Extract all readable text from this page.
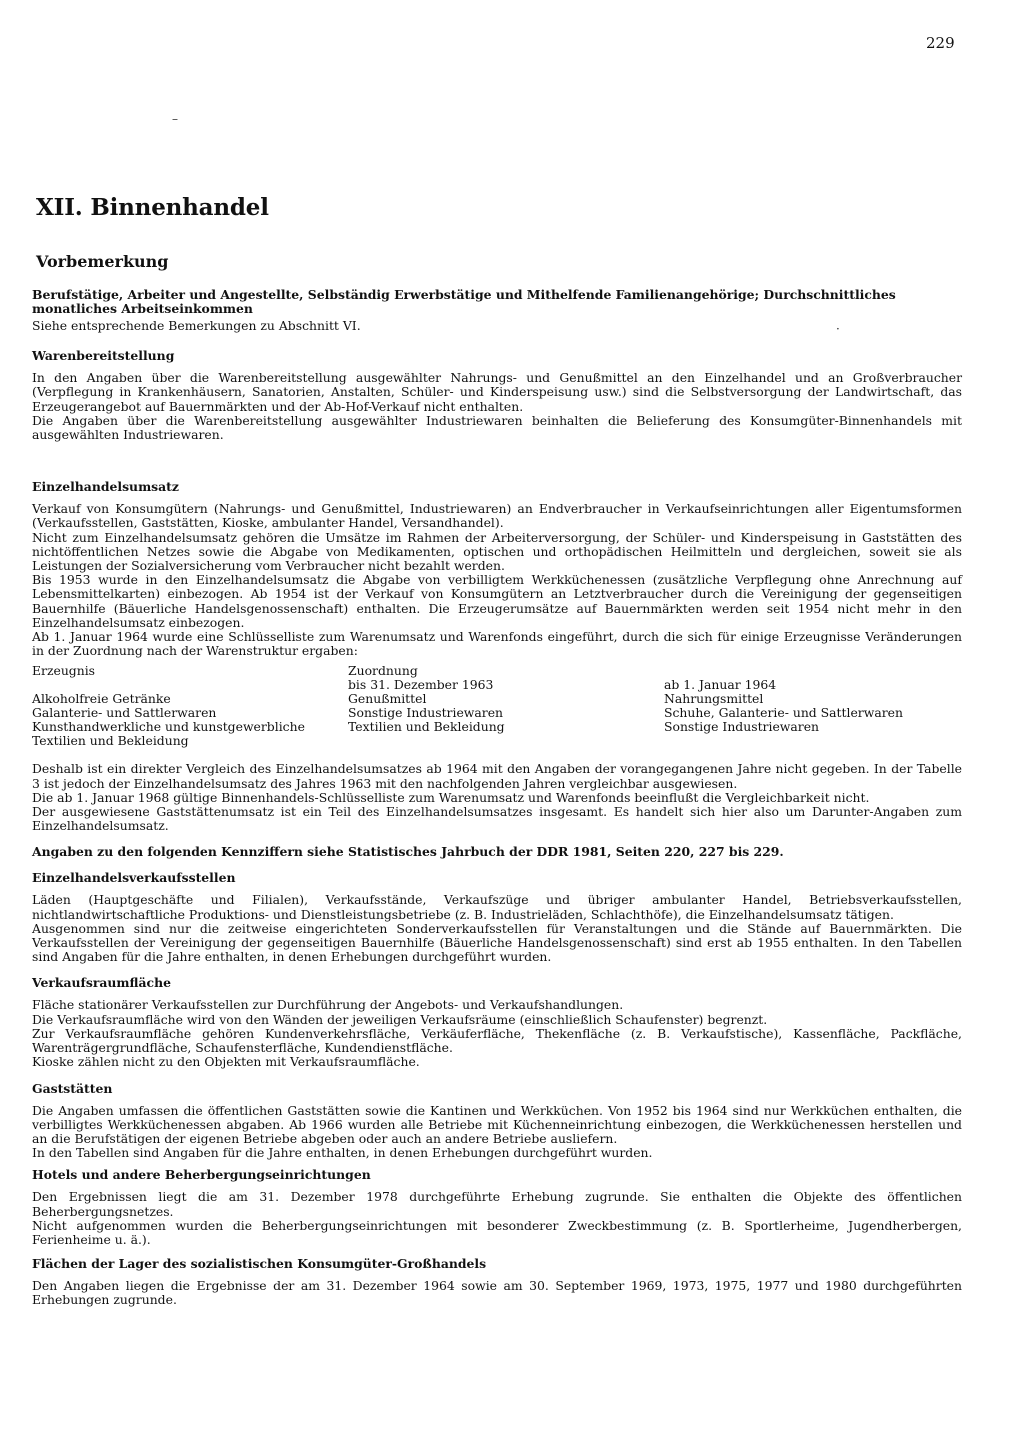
229
–
XII. Binnenhandel
Vorbemerkung
Berufstätige, Arbeiter und Angestellte, Selbständig Erwerbstätige und Mithelfende Familienangehörige; Durchschnittliches monatliches Arbeitseinkommen

Siehe entsprechende Bemerkungen zu Abschnitt VI.

Warenbereitstellung

In den Angaben über die Warenbereitstellung ausgewählter Nahrungs- und Genußmittel an den Einzelhandel und an Großverbraucher (Verpflegung in Krankenhäusern, Sanatorien, Anstalten, Schüler- und Kinderspeisung usw.) sind die Selbstversorgung der Landwirtschaft, das Erzeugerangebot auf Bauernmärkten und der Ab-Hof-Verkauf nicht enthalten.

Die Angaben über die Warenbereitstellung ausgewählter Industriewaren beinhalten die Belieferung des Konsumgüter-Binnenhandels mit ausgewählten Industriewaren.

Einzelhandelsumsatz

Verkauf von Konsumgütern (Nahrungs- und Genußmittel, Industriewaren) an Endverbraucher in Verkaufseinrichtungen aller Eigentumsformen (Verkaufsstellen, Gaststätten, Kioske, ambulanter Handel, Versandhandel).

Nicht zum Einzelhandelsumsatz gehören die Umsätze im Rahmen der Arbeiterversorgung, der Schüler- und Kinderspeisung in Gaststätten des nichtöffentlichen Netzes sowie die Abgabe von Medikamenten, optischen und orthopädischen Heilmitteln und dergleichen, soweit sie als Leistungen der Sozialversicherung vom Verbraucher nicht bezahlt werden.

Bis 1953 wurde in den Einzelhandelsumsatz die Abgabe von verbilligtem Werkküchenessen (zusätzliche Verpflegung ohne Anrechnung auf Lebensmittelkarten) einbezogen. Ab 1954 ist der Verkauf von Konsumgütern an Letztverbraucher durch die Vereinigung der gegenseitigen Bauernhilfe (Bäuerliche Handelsgenossenschaft) enthalten. Die Erzeugerumsätze auf Bauernmärkten werden seit 1954 nicht mehr in den Einzelhandelsumsatz einbezogen.

Ab 1. Januar 1964 wurde eine Schlüsselliste zum Warenumsatz und Warenfonds eingeführt, durch die sich für einige Erzeugnisse Veränderungen in der Zuordnung nach der Warenstruktur ergaben:

Erzeugnis
Alkoholfreie Getränke
Galanterie- und Sattlerwaren
Kunsthandwerkliche und kunstgewerbliche Textilien und Bekleidung
Zuordnung
bis 31. Dezember 1963
Genußmittel
Sonstige Industriewaren
Textilien und Bekleidung

ab 1. Januar 1964
Nahrungsmittel
Schuhe, Galanterie- und Sattlerwaren
Sonstige Industriewaren

Deshalb ist ein direkter Vergleich des Einzelhandelsumsatzes ab 1964 mit den Angaben der vorangegangenen Jahre nicht gegeben. In der Tabelle 3 ist jedoch der Einzelhandelsumsatz des Jahres 1963 mit den nachfolgenden Jahren vergleichbar ausgewiesen.

Die ab 1. Januar 1968 gültige Binnenhandels-Schlüsselliste zum Warenumsatz und Warenfonds beeinflußt die Vergleichbarkeit nicht.

Der ausgewiesene Gaststättenumsatz ist ein Teil des Einzelhandelsumsatzes insgesamt. Es handelt sich hier also um Darunter-Angaben zum Einzelhandelsumsatz.

Angaben zu den folgenden Kennziffern siehe Statistisches Jahrbuch der DDR 1981, Seiten 220, 227 bis 229.
Einzelhandelsverkaufsstellen

Läden (Hauptgeschäfte und Filialen), Verkaufsstände, Verkaufszüge und übriger ambulanter Handel, Betriebsverkaufsstellen, nichtlandwirtschaftliche Produktions- und Dienstleistungsbetriebe (z. B. Industrieläden, Schlachthöfe), die Einzelhandelsumsatz tätigen.

Ausgenommen sind nur die zeitweise eingerichteten Sonderverkaufsstellen für Veranstaltungen und die Stände auf Bauernmärkten. Die Verkaufsstellen der Vereinigung der gegenseitigen Bauernhilfe (Bäuerliche Handelsgenossenschaft) sind erst ab 1955 enthalten. In den Tabellen sind Angaben für die Jahre enthalten, in denen Erhebungen durchgeführt wurden.

Verkaufsraumfläche

Fläche stationärer Verkaufsstellen zur Durchführung der Angebots- und Verkaufshandlungen.

Die Verkaufsraumfläche wird von den Wänden der jeweiligen Verkaufsräume (einschließlich Schaufenster) begrenzt.

Zur Verkaufsraumfläche gehören Kundenverkehrsfläche, Verkäuferfläche, Thekenfläche (z. B. Verkaufstische), Kassenfläche, Packfläche, Warenträgergrundfläche, Schaufensterfläche, Kundendienstfläche.

Kioske zählen nicht zu den Objekten mit Verkaufsraumfläche.

Gaststätten

Die Angaben umfassen die öffentlichen Gaststätten sowie die Kantinen und Werkküchen. Von 1952 bis 1964 sind nur Werkküchen enthalten, die verbilligtes Werkküchenessen abgaben. Ab 1966 wurden alle Betriebe mit Küchenneinrichtung einbezogen, die Werkküchenessen herstellen und an die Berufstätigen der eigenen Betriebe abgeben oder auch an andere Betriebe ausliefern.

In den Tabellen sind Angaben für die Jahre enthalten, in denen Erhebungen durchgeführt wurden.

Hotels und andere Beherbergungseinrichtungen

Den Ergebnissen liegt die am 31. Dezember 1978 durchgeführte Erhebung zugrunde. Sie enthalten die Objekte des öffentlichen Beherbergungsnetzes.

Nicht aufgenommen wurden die Beherbergungseinrichtungen mit besonderer Zweckbestimmung (z. B. Sportlerheime, Jugendherbergen, Ferienheime u. ä.).

Flächen der Lager des sozialistischen Konsumgüter-Großhandels

Den Angaben liegen die Ergebnisse der am 31. Dezember 1964 sowie am 30. September 1969, 1973, 1975, 1977 und 1980 durchgeführten Erhebungen zugrunde.

·
